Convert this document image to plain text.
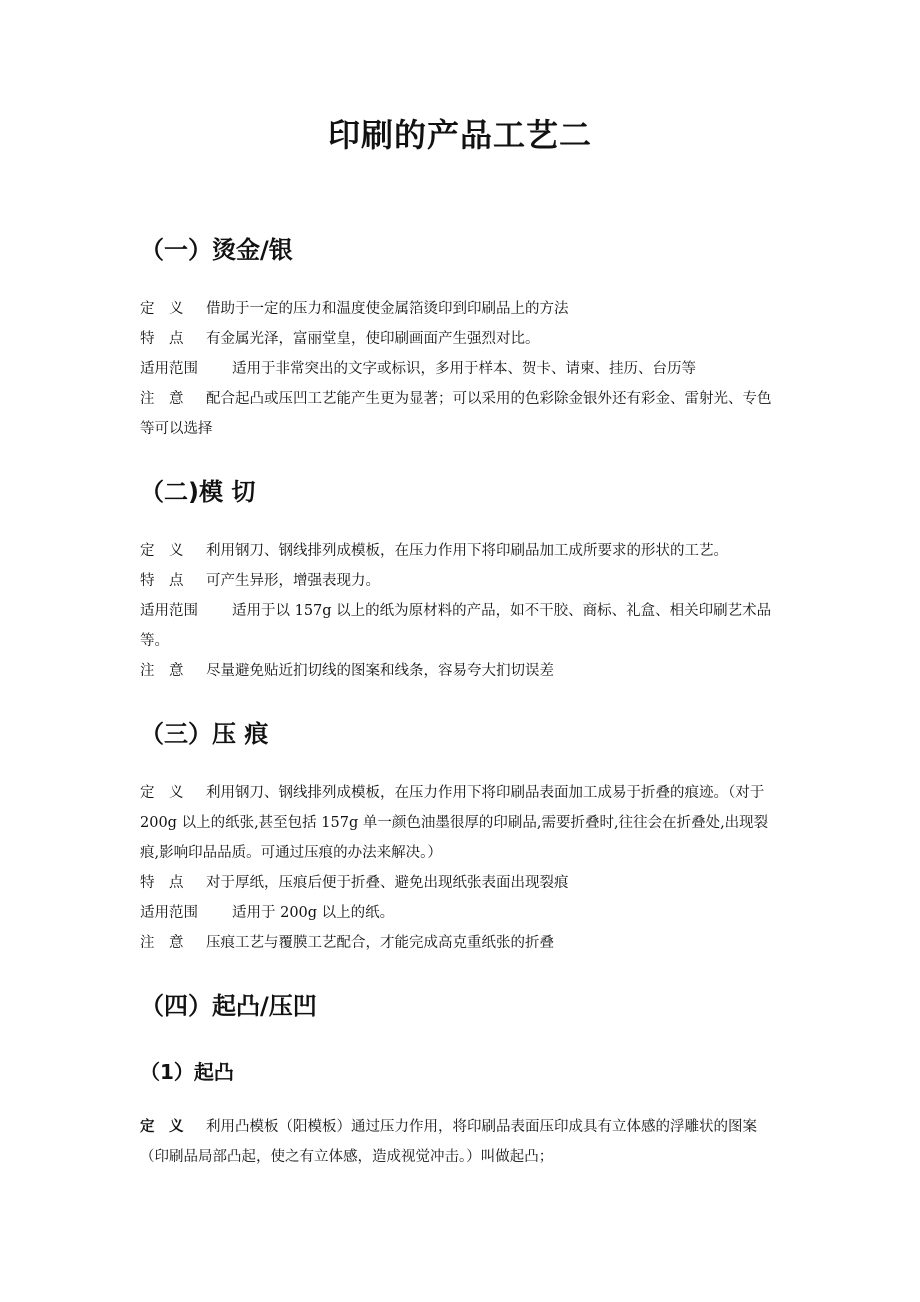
印刷的产品工艺二
（一）烫金/银

定　义 借助于一定的压力和温度使金属箔烫印到印刷品上的方法

特　点 有金属光泽，富丽堂皇，使印刷画面产生强烈对比。

适用范围 适用于非常突出的文字或标识，多用于样本、贺卡、请柬、挂历、台历等

注　意 配合起凸或压凹工艺能产生更为显著；可以采用的色彩除金银外还有彩金、雷射光、专色等可以选择

（二)模 切

定　义 利用钢刀、钢线排列成模板，在压力作用下将印刷品加工成所要求的形状的工艺。

特　点 可产生异形，增强表现力。

适用范围 适用于以 157g 以上的纸为原材料的产品，如不干胶、商标、礼盒、相关印刷艺术品等。

注　意 尽量避免贴近扪切线的图案和线条，容易夸大扪切误差

（三）压 痕

定　义 利用钢刀、钢线排列成模板，在压力作用下将印刷品表面加工成易于折叠的痕迹。（对于 200g 以上的纸张,甚至包括 157g 单一颜色油墨很厚的印刷品,需要折叠时,往往会在折叠处,出现裂痕,影响印品品质。可通过压痕的办法来解决。）

特　点 对于厚纸，压痕后便于折叠、避免出现纸张表面出现裂痕

适用范围 适用于 200g 以上的纸。

注　意 压痕工艺与覆膜工艺配合，才能完成高克重纸张的折叠

（四）起凸/压凹
（1）起凸

定　义 利用凸模板（阳模板）通过压力作用，将印刷品表面压印成具有立体感的浮雕状的图案（印刷品局部凸起，使之有立体感，造成视觉冲击。）叫做起凸；
